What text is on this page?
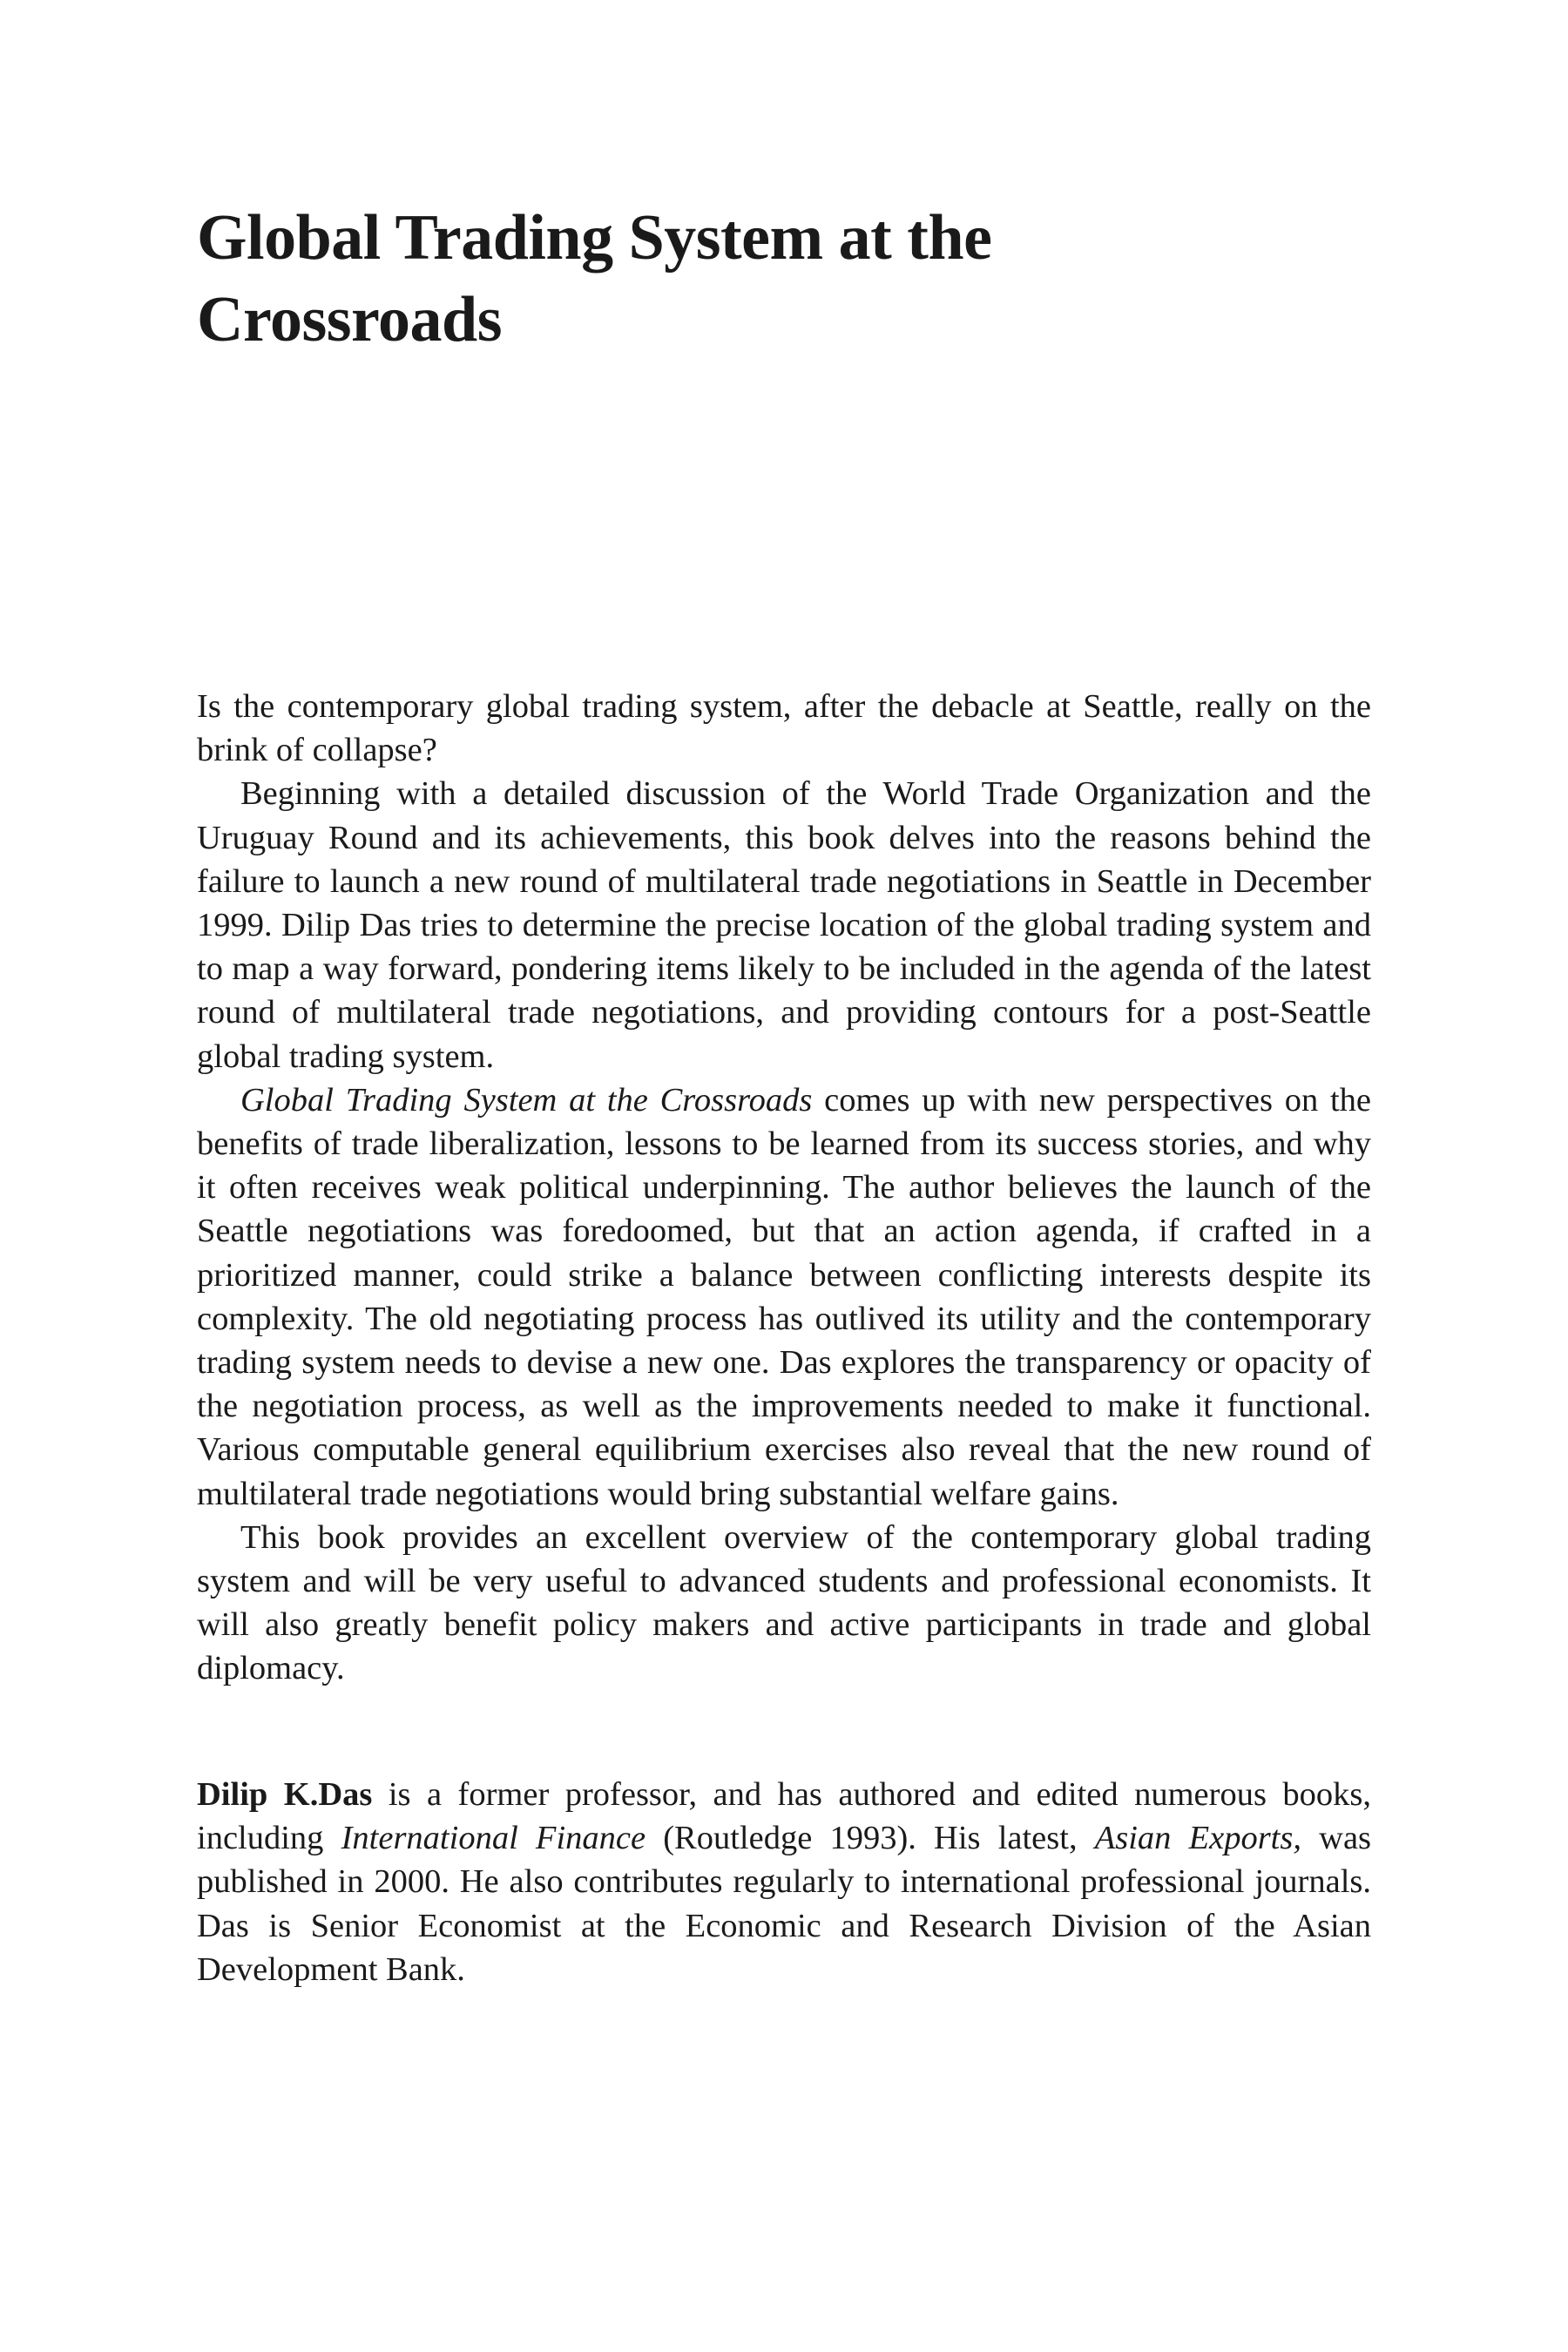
Global Trading System at the
Crossroads

Is the contemporary global trading system, after the debacle at Seattle, really on the brink of collapse?

Beginning with a detailed discussion of the World Trade Organization and the Uruguay Round and its achievements, this book delves into the reasons behind the failure to launch a new round of multilateral trade negotiations in Seattle in December 1999. Dilip Das tries to determine the precise location of the global trading system and to map a way forward, pondering items likely to be included in the agenda of the latest round of multilateral trade negotiations, and providing contours for a post-Seattle global trading system.

Global Trading System at the Crossroads comes up with new perspectives on the benefits of trade liberalization, lessons to be learned from its success stories, and why it often receives weak political underpinning. The author believes the launch of the Seattle negotiations was foredoomed, but that an action agenda, if crafted in a prioritized manner, could strike a balance between conflicting interests despite its complexity. The old negotiating process has outlived its utility and the contemporary trading system needs to devise a new one. Das explores the transparency or opacity of the negotiation process, as well as the improvements needed to make it functional. Various computable general equilibrium exercises also reveal that the new round of multilateral trade negotiations would bring substantial welfare gains.

This book provides an excellent overview of the contemporary global trading system and will be very useful to advanced students and professional economists. It will also greatly benefit policy makers and active participants in trade and global diplomacy.

Dilip K.Das is a former professor, and has authored and edited numerous books, including International Finance (Routledge 1993). His latest, Asian Exports, was published in 2000. He also contributes regularly to international professional journals. Das is Senior Economist at the Economic and Research Division of the Asian Development Bank.
